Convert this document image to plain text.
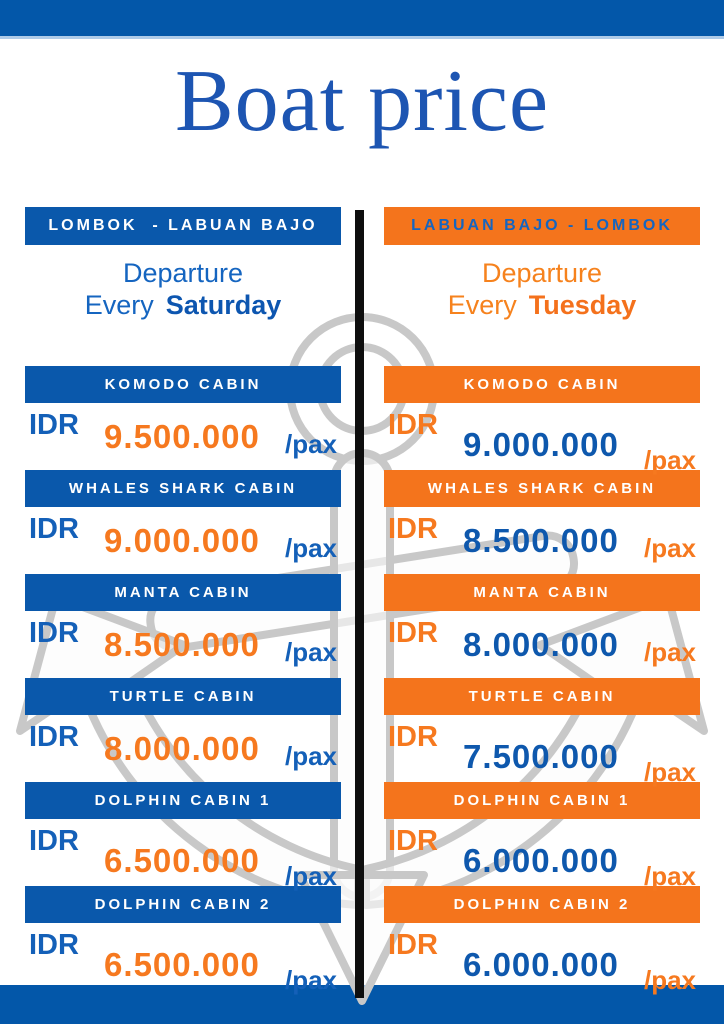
Boat price
LOMBOK  - LABUAN BAJO
Departure
Every Saturday
KOMODO CABIN
IDR 9.500.000 /pax
WHALES SHARK CABIN
IDR 9.000.000 /pax
MANTA CABIN
IDR 8.500.000 /pax
TURTLE CABIN
IDR 8.000.000 /pax
DOLPHIN CABIN 1
IDR
6.500.000 /pax
DOLPHIN CABIN 2
IDR
6.500.000 /pax
LABUAN BAJO - LOMBOK
Departure
Every Tuesday
KOMODO CABIN
IDR
9.000.000 /pax
WHALES SHARK CABIN
IDR 8.500.000 /pax
MANTA CABIN
IDR 8.000.000 /pax
TURTLE CABIN
IDR
7.500.000 /pax
DOLPHIN CABIN 1
IDR
6.000.000 /pax
DOLPHIN CABIN 2
IDR
6.000.000 /pax
